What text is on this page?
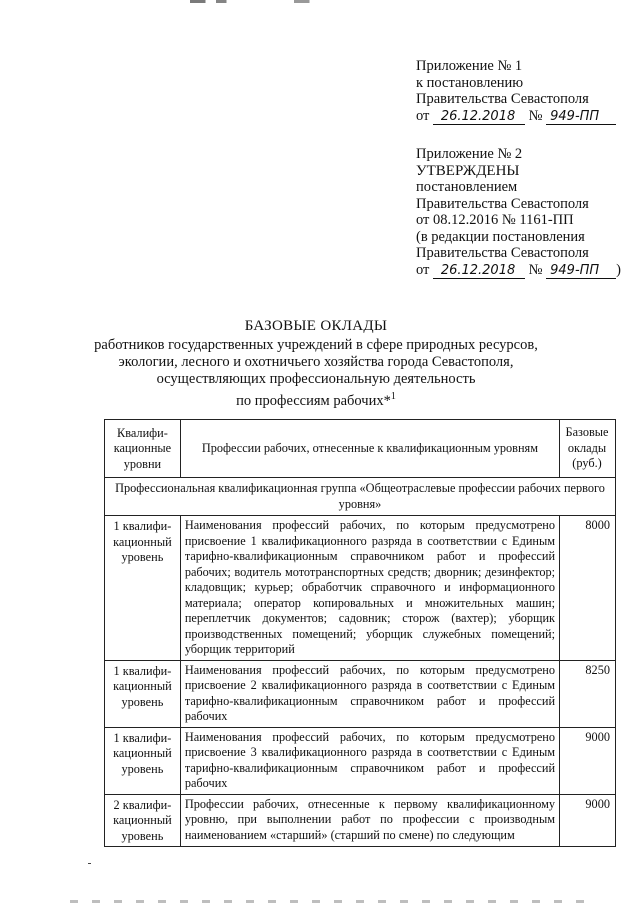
Приложение № 1
к постановлению
Правительства Севастополя
от 26.12.2018 № 949-ПП
Приложение № 2
УТВЕРЖДЕНЫ
постановлением
Правительства Севастополя
от 08.12.2016 № 1161-ПП
(в редакции постановления
Правительства Севастополя
от 26.12.2018 № 949-ПП )
БАЗОВЫЕ ОКЛАДЫ
работников государственных учреждений в сфере природных ресурсов,
экологии, лесного и охотничьего хозяйства города Севастополя,
осуществляющих профессиональную деятельность
по профессиям рабочих*$^1$
Квалифи-кационные уровни	Профессии рабочих, отнесенные к квалификационным уровням	Базовые оклады (руб.)
Профессиональная квалификационная группа «Общеотраслевые профессии рабочих первого уровня»		
1 квалифи-кационный уровень	Наименования профессий рабочих, по которым предусмотрено присвоение 1 квалификационного разряда в соответствии с Единым тарифно-квалификационным справочником работ и профессий рабочих; водитель мототранспортных средств; дворник; дезинфектор; кладовщик; курьер; обработчик справочного и информационного материала; оператор копировальных и множительных машин; переплетчик документов; садовник; сторож (вахтер); уборщик производственных помещений; уборщик служебных помещений; уборщик территорий	8000
1 квалифи-кационный уровень	Наименования профессий рабочих, по которым предусмотрено присвоение 2 квалификационного разряда в соответствии с Единым тарифно-квалификационным справочником работ и профессий рабочих	8250
1 квалифи-кационный уровень	Наименования профессий рабочих, по которым предусмотрено присвоение 3 квалификационного разряда в соответствии с Единым тарифно-квалификационным справочником работ и профессий рабочих	9000
2 квалифи-кационный уровень	Профессии рабочих, отнесенные к первому квалификационному уровню, при выполнении работ по профессии с производным наименованием «старший» (старший по смене) по следующим	9000
